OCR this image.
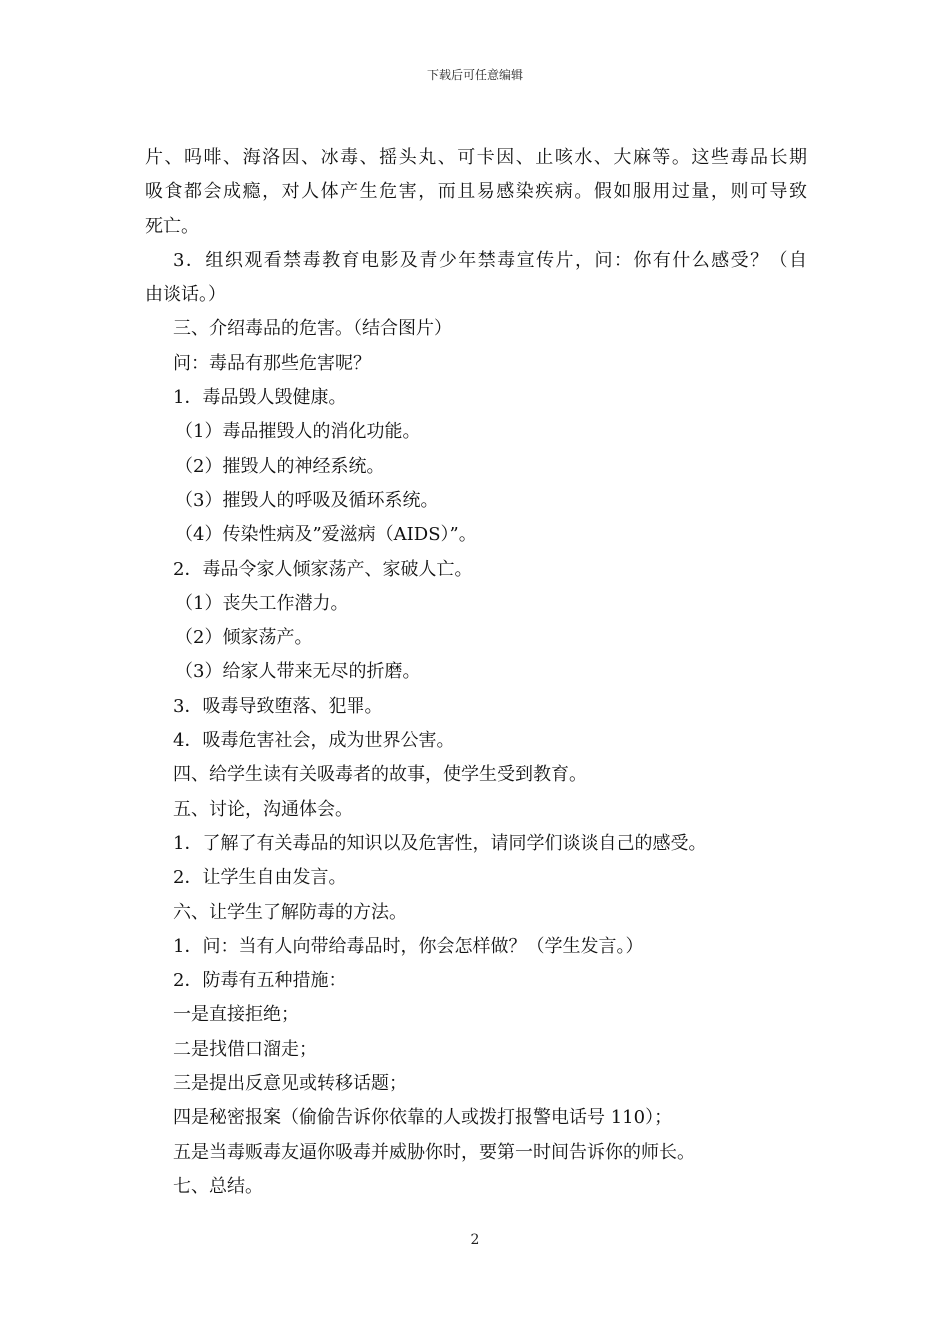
下载后可任意编辑
片、吗啡、海洛因、冰毒、摇头丸、可卡因、止咳水、大麻等。这些毒品长期
吸食都会成瘾，对人体产生危害，而且易感染疾病。假如服用过量，则可导致
死亡。
3．组织观看禁毒教育电影及青少年禁毒宣传片，问：你有什么感受？（自
由谈话。）
三、介绍毒品的危害。（结合图片）
问：毒品有那些危害呢？
1．毒品毁人毁健康。
（1）毒品摧毁人的消化功能。
（2）摧毁人的神经系统。
（3）摧毁人的呼吸及循环系统。
（4）传染性病及”爱滋病（AIDS）”。
2．毒品令家人倾家荡产、家破人亡。
（1）丧失工作潜力。
（2）倾家荡产。
（3）给家人带来无尽的折磨。
3．吸毒导致堕落、犯罪。
4．吸毒危害社会，成为世界公害。
四、给学生读有关吸毒者的故事，使学生受到教育。
五、讨论，沟通体会。
1．了解了有关毒品的知识以及危害性，请同学们谈谈自己的感受。
2．让学生自由发言。
六、让学生了解防毒的方法。
1．问：当有人向带给毒品时，你会怎样做？（学生发言。）
2．防毒有五种措施：
一是直接拒绝；
二是找借口溜走；
三是提出反意见或转移话题；
四是秘密报案（偷偷告诉你依靠的人或拨打报警电话号 110）；
五是当毒贩毒友逼你吸毒并威胁你时，要第一时间告诉你的师长。
七、总结。
2
